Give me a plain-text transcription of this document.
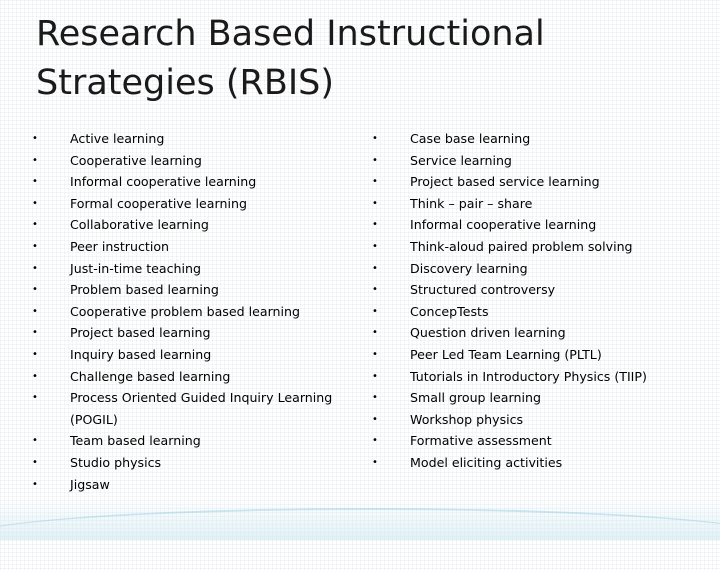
Research Based Instructional Strategies (RBIS)
•	Active learning
•	Cooperative learning
•	Informal cooperative learning
•	Formal cooperative learning
•	Collaborative learning
•	Peer instruction
•	Just-in-time teaching
•	Problem based learning
•	Cooperative problem based learning
•	Project based learning
•	Inquiry based learning
•	Challenge based learning
•	Process Oriented Guided Inquiry Learning (POGIL)
•	Team based learning
•	Studio physics
•	Jigsaw
•	Case base learning
•	Service learning
•	Project based service learning
•	Think – pair – share
•	Informal cooperative learning
•	Think-aloud paired problem solving
•	Discovery learning
•	Structured controversy
•	ConcepTests
•	Question driven learning
•	Peer Led Team Learning (PLTL)
•	Tutorials in Introductory Physics (TIIP)
•	Small group learning
•	Workshop physics
•	Formative assessment
•	Model eliciting activities
